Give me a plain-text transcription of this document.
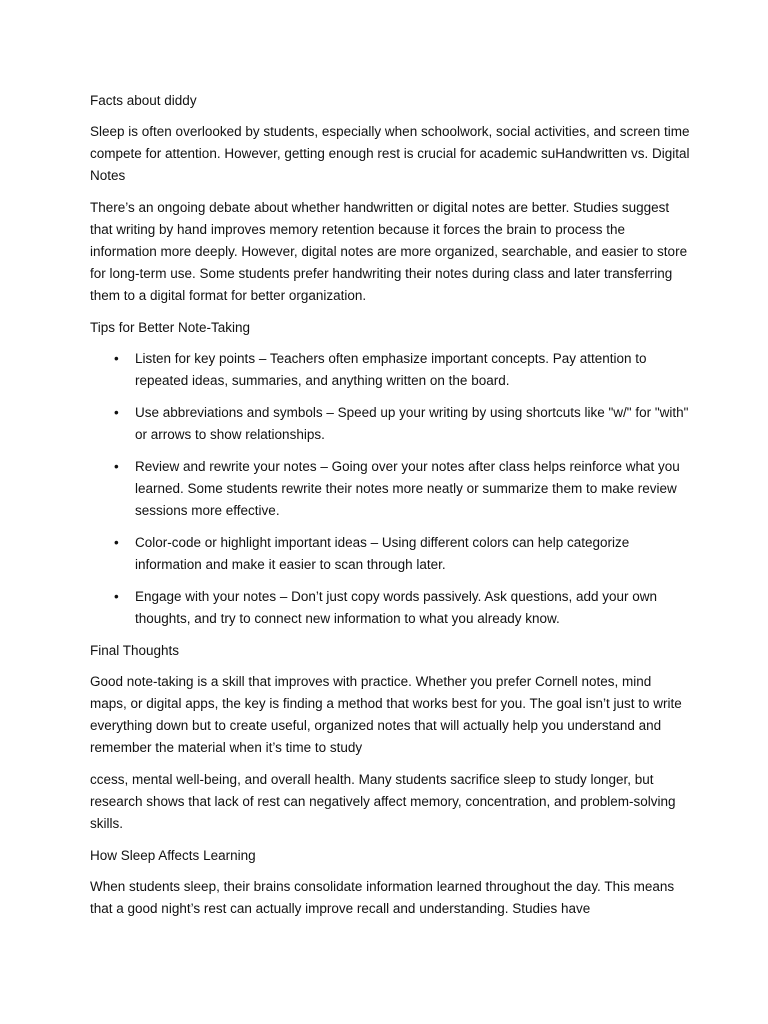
Facts about diddy

Sleep is often overlooked by students, especially when schoolwork, social activities, and screen time compete for attention. However, getting enough rest is crucial for academic suHandwritten vs. Digital Notes

There’s an ongoing debate about whether handwritten or digital notes are better. Studies suggest that writing by hand improves memory retention because it forces the brain to process the information more deeply. However, digital notes are more organized, searchable, and easier to store for long-term use. Some students prefer handwriting their notes during class and later transferring them to a digital format for better organization.

Tips for Better Note-Taking

• Listen for key points – Teachers often emphasize important concepts. Pay attention to repeated ideas, summaries, and anything written on the board.
• Use abbreviations and symbols – Speed up your writing by using shortcuts like "w/" for "with" or arrows to show relationships.
• Review and rewrite your notes – Going over your notes after class helps reinforce what you learned. Some students rewrite their notes more neatly or summarize them to make review sessions more effective.
• Color-code or highlight important ideas – Using different colors can help categorize information and make it easier to scan through later.
• Engage with your notes – Don’t just copy words passively. Ask questions, add your own thoughts, and try to connect new information to what you already know.

Final Thoughts

Good note-taking is a skill that improves with practice. Whether you prefer Cornell notes, mind maps, or digital apps, the key is finding a method that works best for you. The goal isn’t just to write everything down but to create useful, organized notes that will actually help you understand and remember the material when it’s time to study

ccess, mental well-being, and overall health. Many students sacrifice sleep to study longer, but research shows that lack of rest can negatively affect memory, concentration, and problem-solving skills.

How Sleep Affects Learning

When students sleep, their brains consolidate information learned throughout the day. This means that a good night’s rest can actually improve recall and understanding. Studies have
